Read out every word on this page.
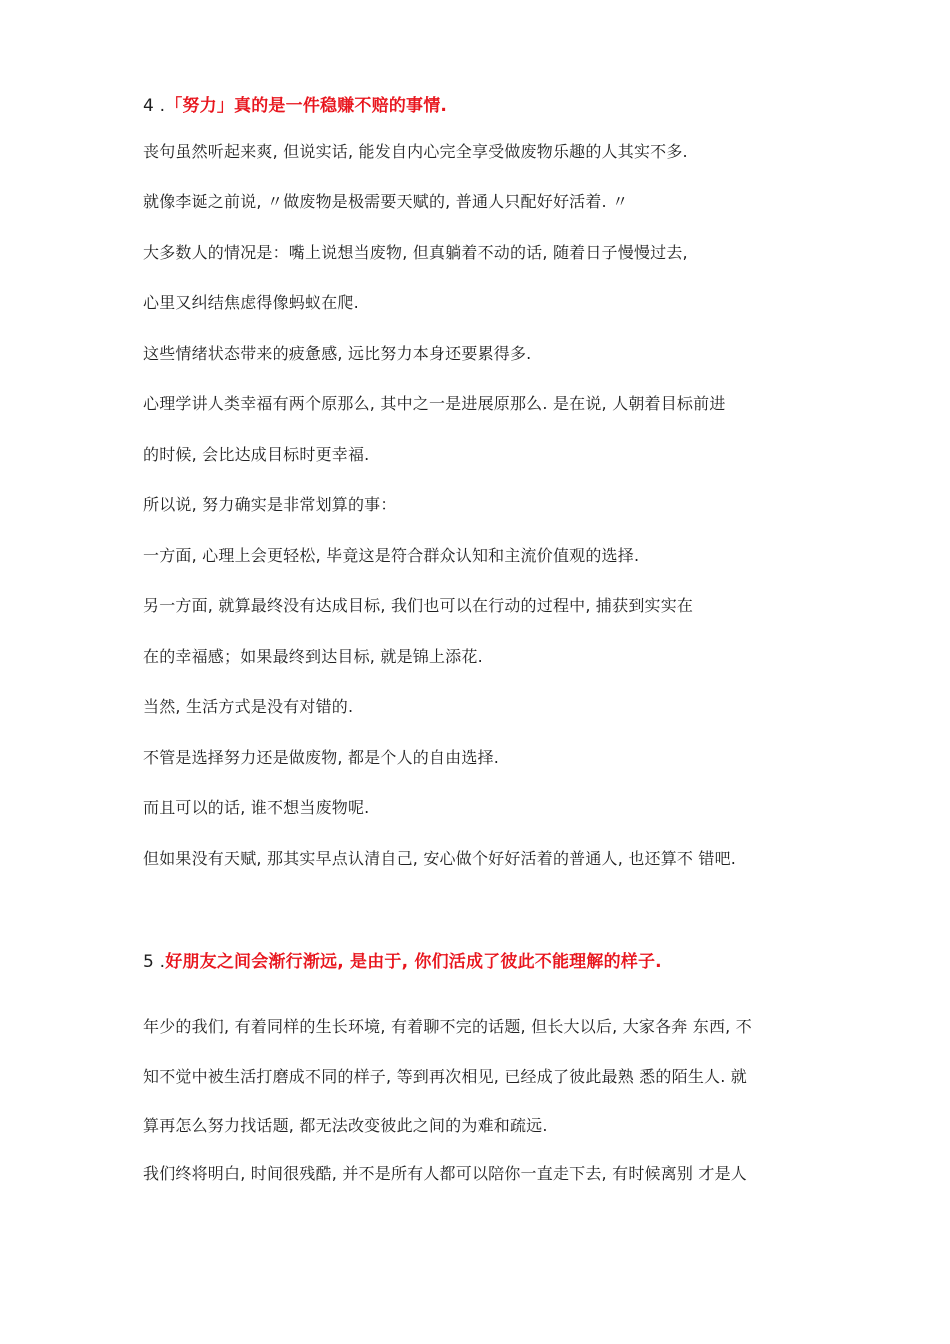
4 .「努力」真的是一件稳赚不赔的事情.
丧句虽然听起来爽, 但说实话, 能发自内心完全享受做废物乐趣的人其实不多.
就像李诞之前说, 〃做废物是极需要天赋的, 普通人只配好好活着. 〃
大多数人的情况是：嘴上说想当废物, 但真躺着不动的话, 随着日子慢慢过去,
心里又纠结焦虑得像蚂蚁在爬.
这些情绪状态带来的疲惫感, 远比努力本身还要累得多.
心理学讲人类幸福有两个原那么, 其中之一是进展原那么. 是在说, 人朝着目标前进
的时候, 会比达成目标时更幸福.
所以说, 努力确实是非常划算的事：
一方面, 心理上会更轻松, 毕竟这是符合群众认知和主流价值观的选择.
另一方面, 就算最终没有达成目标, 我们也可以在行动的过程中, 捕获到实实在
在的幸福感；如果最终到达目标, 就是锦上添花.
当然, 生活方式是没有对错的.
不管是选择努力还是做废物, 都是个人的自由选择.
而且可以的话, 谁不想当废物呢.
但如果没有天赋, 那其实早点认清自己, 安心做个好好活着的普通人, 也还算不 错吧.
5 .好朋友之间会渐行渐远, 是由于, 你们活成了彼此不能理解的样子.
年少的我们, 有着同样的生长环境, 有着聊不完的话题, 但长大以后, 大家各奔 东西, 不
知不觉中被生活打磨成不同的样子, 等到再次相见, 已经成了彼此最熟 悉的陌生人. 就
算再怎么努力找话题, 都无法改变彼此之间的为难和疏远.
我们终将明白, 时间很残酷, 并不是所有人都可以陪你一直走下去, 有时候离别 才是人
